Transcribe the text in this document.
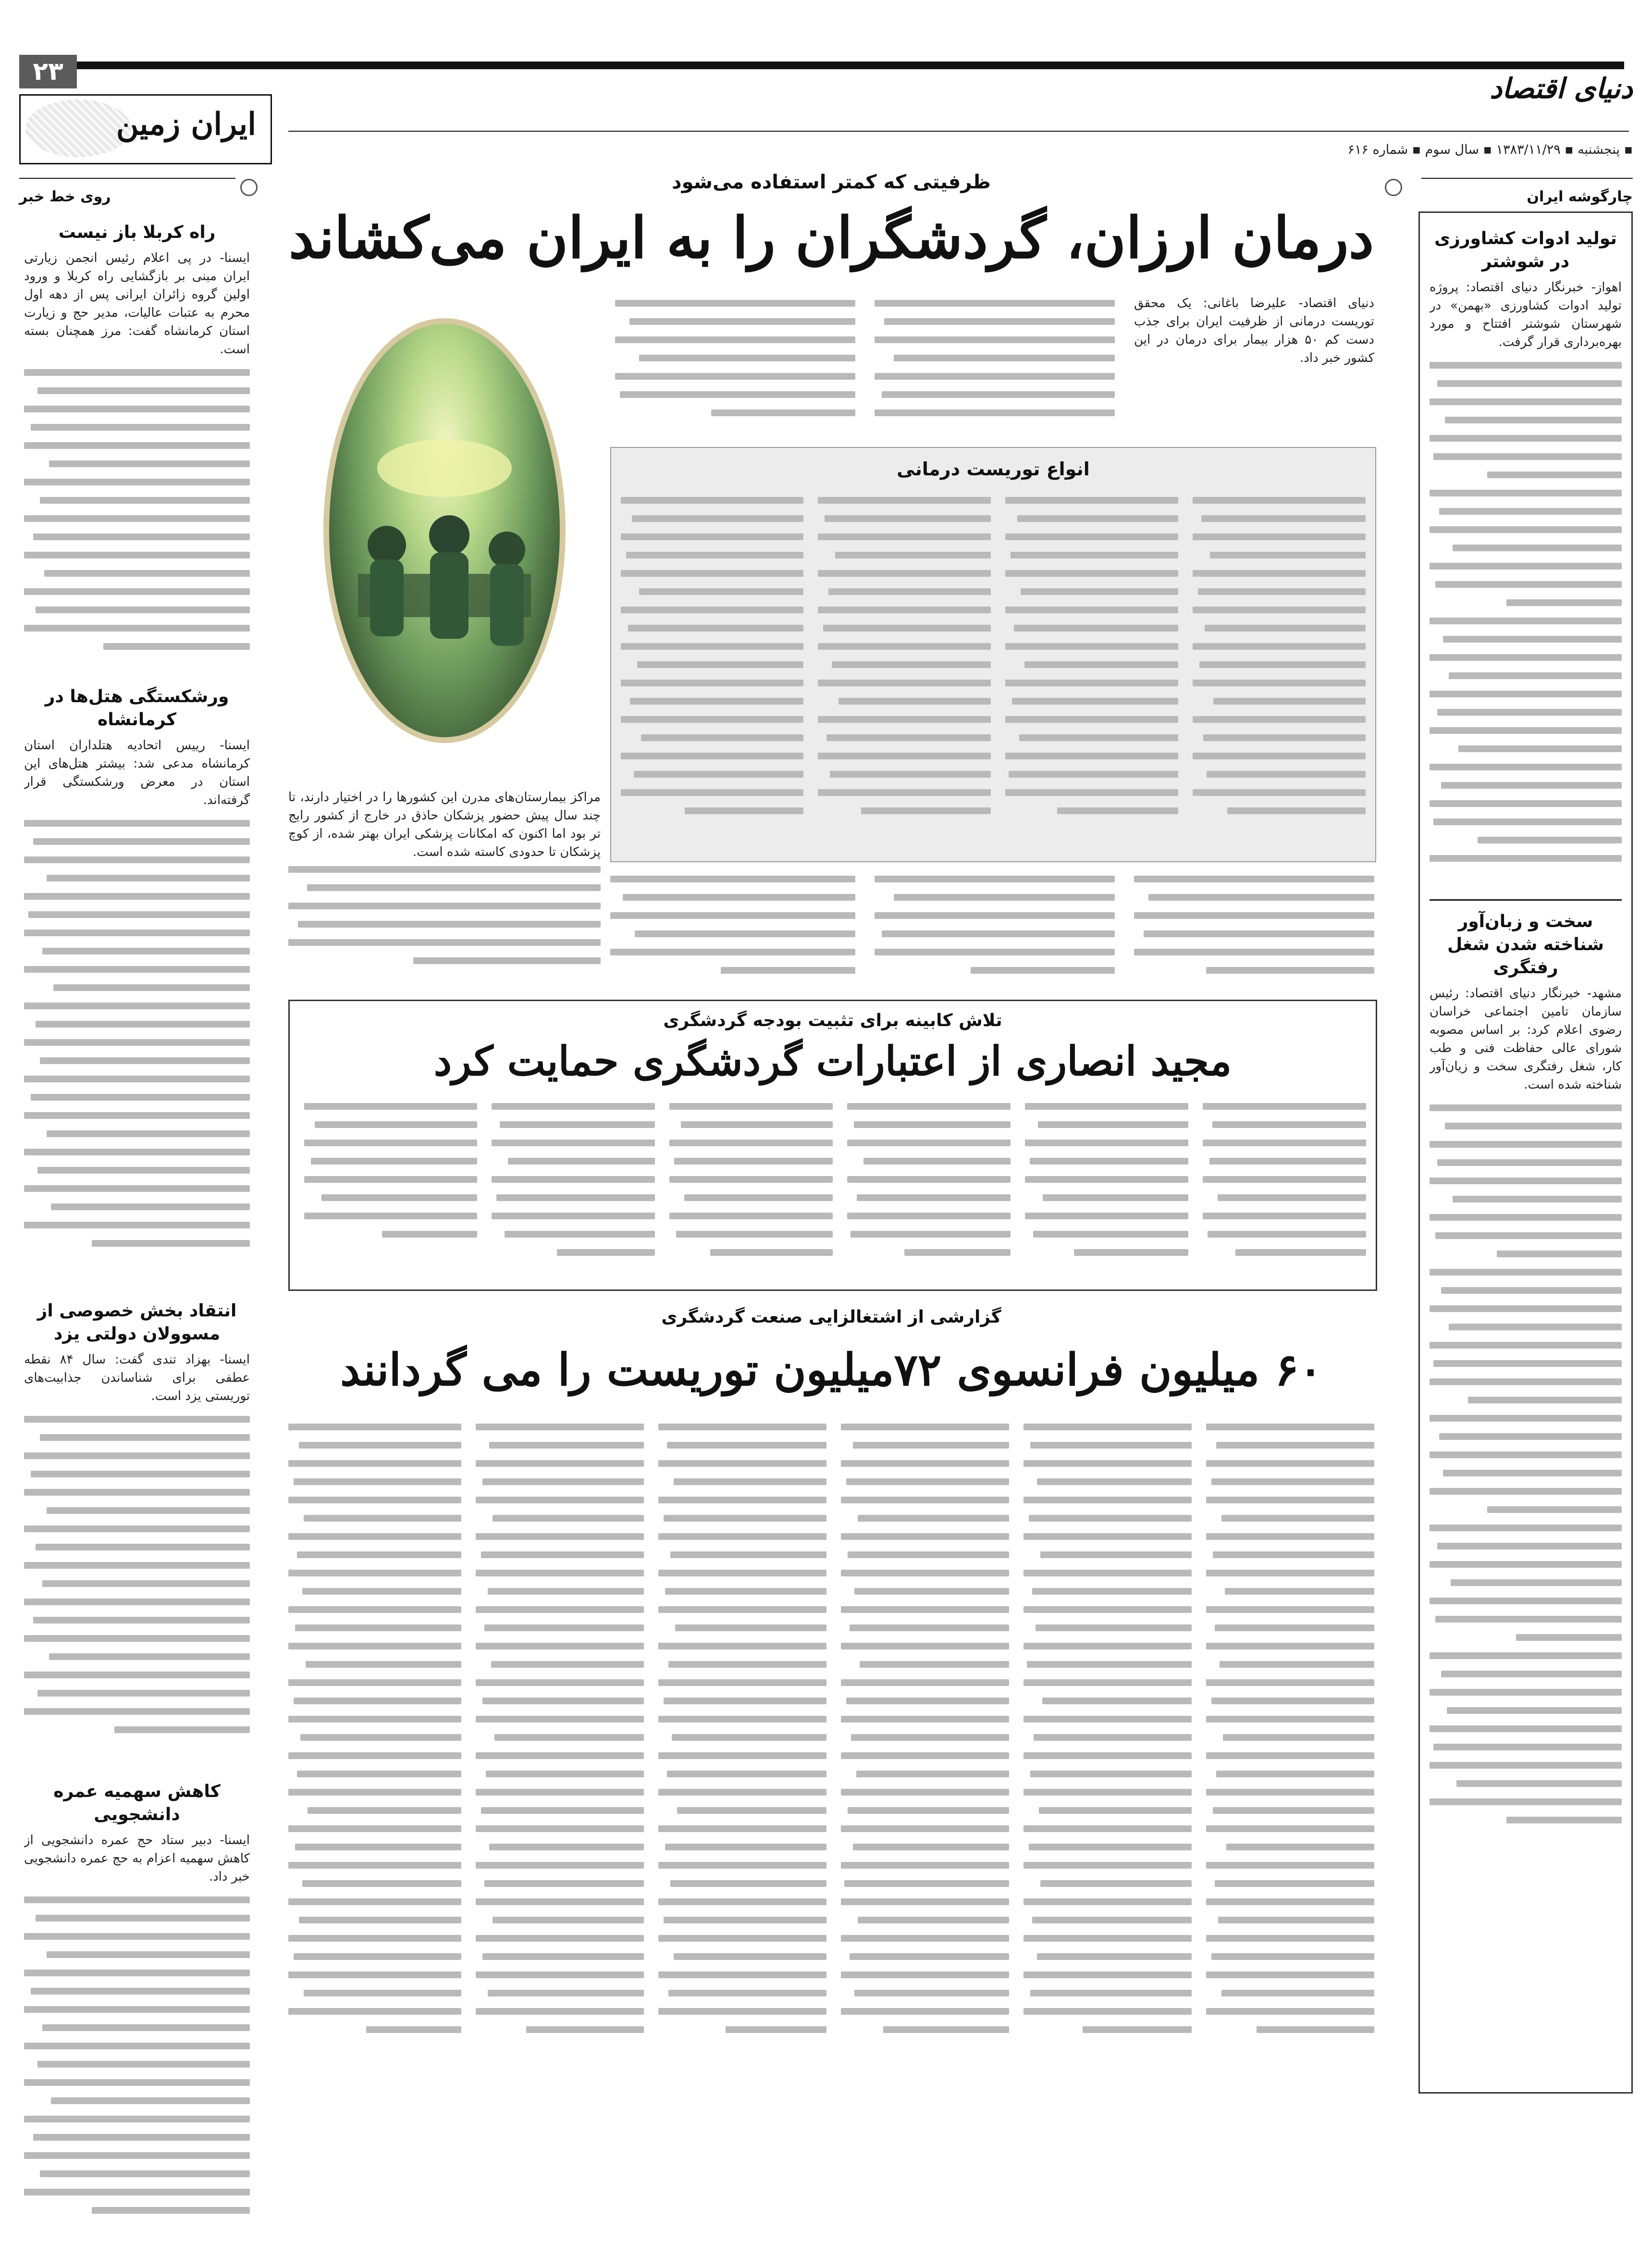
۲۳
ایران زمین
دنیای اقتصاد
▪ پنجشنبه ▪ ۱۳۸۳/۱۱/۲۹ ▪ سال سوم ▪ شماره ۶۱۶
چارگوشه ایران
روی خط خبر
تولید ادوات کشاورزی در شوشتر
اهواز- خبرنگار دنیای اقتصاد: پروژه تولید ادوات کشاورزی «بهمن» در شهرستان شوشتر افتتاح و مورد بهره‌برداری قرار گرفت.
سخت و زبان‌آور شناخته شدن شغل رفتگری
مشهد- خبرنگار دنیای اقتصاد: رئیس سازمان تامین اجتماعی خراسان رضوی اعلام کرد: بر اساس مصوبه شورای عالی حفاظت فنی و طب کار، شغل رفتگری سخت و زیان‌آور شناخته شده است.
راه کربلا باز نیست
ایسنا- در پی اعلام رئیس انجمن زیارتی ایران مبنی بر بازگشایی راه کربلا و ورود اولین گروه زائران ایرانی پس از دهه اول محرم به عتبات عالیات، مدیر حج و زیارت استان کرمانشاه گفت: مرز همچنان بسته است.
ورشکستگی هتل‌ها در کرمانشاه
ایسنا- رییس اتحادیه هتلداران استان کرمانشاه مدعی شد: بیشتر هتل‌های این استان در معرض ورشکستگی قرار گرفته‌اند.
انتقاد بخش خصوصی از مسوولان دولتی یزد
ایسنا- بهزاد تندی گفت: سال ۸۴ نقطه عطفی برای شناساندن جذابیت‌های توریستی یزد است.
کاهش سهمیه عمره دانشجویی
ایسنا- دبیر ستاد حج عمره دانشجویی از کاهش سهمیه اعزام به حج عمره دانشجویی خبر داد.
ظرفیتی که کمتر استفاده می‌شود
درمان ارزان، گردشگران را به ایران می‌کشاند
مراکز بیمارستان‌های مدرن این کشورها را در اختیار دارند، تا چند سال پیش حضور پزشکان حاذق در خارج از کشور رایج تر بود اما اکنون که امکانات پزشکی ایران بهتر شده، از کوچ پزشکان تا حدودی کاسته شده است.
دنیای اقتصاد- علیرضا باغانی: یک محقق توریست درمانی از ظرفیت ایران برای جذب دست کم ۵۰ هزار بیمار برای درمان در این کشور خبر داد.
انواع توریست درمانی
تلاش کابینه برای تثبیت بودجه گردشگری
مجید انصاری از اعتبارات گردشگری حمایت کرد
گزارشی از اشتغالزایی صنعت گردشگری
۶۰ میلیون فرانسوی ۷۲میلیون توریست را می گردانند
